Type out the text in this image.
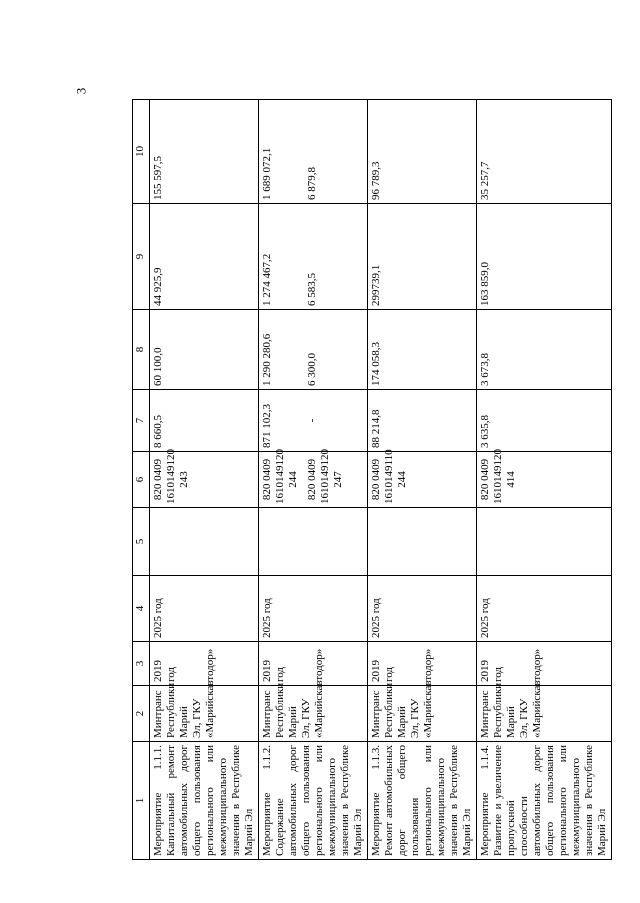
3
1	2	3	4	5	6	7	8	9	10
Мероприятие 1.1.1. Капитальный ремонт автомобильных дорог общего пользования регионального или межмуниципального значения в Республике Марий Эл	Минтранс Республики Марий Эл, ГКУ «Марийскавтодор»	2019 год	2025 год		820 0409 1610149120 243	8 660,5	60 100,0	44 925,9	155 597,5
Мероприятие 1.1.2. Содержание автомобильных дорог общего пользования регионального или межмуниципального значения в Республике Марий Эл	Минтранс Республики Марий Эл, ГКУ «Марийскавтодор»	2019 год	2025 год		820 0409 1610149120 244 820 0409 1610149120 247	871 102,3 -	1 290 280,6 6 300,0	1 274 467,2 6 583,5	1 689 072,1 6 879,8

Мероприятие 1.1.3. Ремонт автомобильных дорог общего пользования регионального или межмуниципального значения в Республике Марий Эл	Минтранс Республики Марий Эл, ГКУ «Марийскавтодор»	2019 год	2025 год		820 0409 1610149110 244	88 214,8	174 058,3	299739,1	96 789,3
Мероприятие 1.1.4. Развитие и увеличение пропускной способности автомобильных дорог общего пользования регионального или межмуниципального значения в Республике Марий Эл	Минтранс Республики Марий Эл, ГКУ «Марийскавтодор»	2019 год	2025 год		820 0409 1610149120 414	3 635,8	3 673,8	163 859,0	35 257,7
